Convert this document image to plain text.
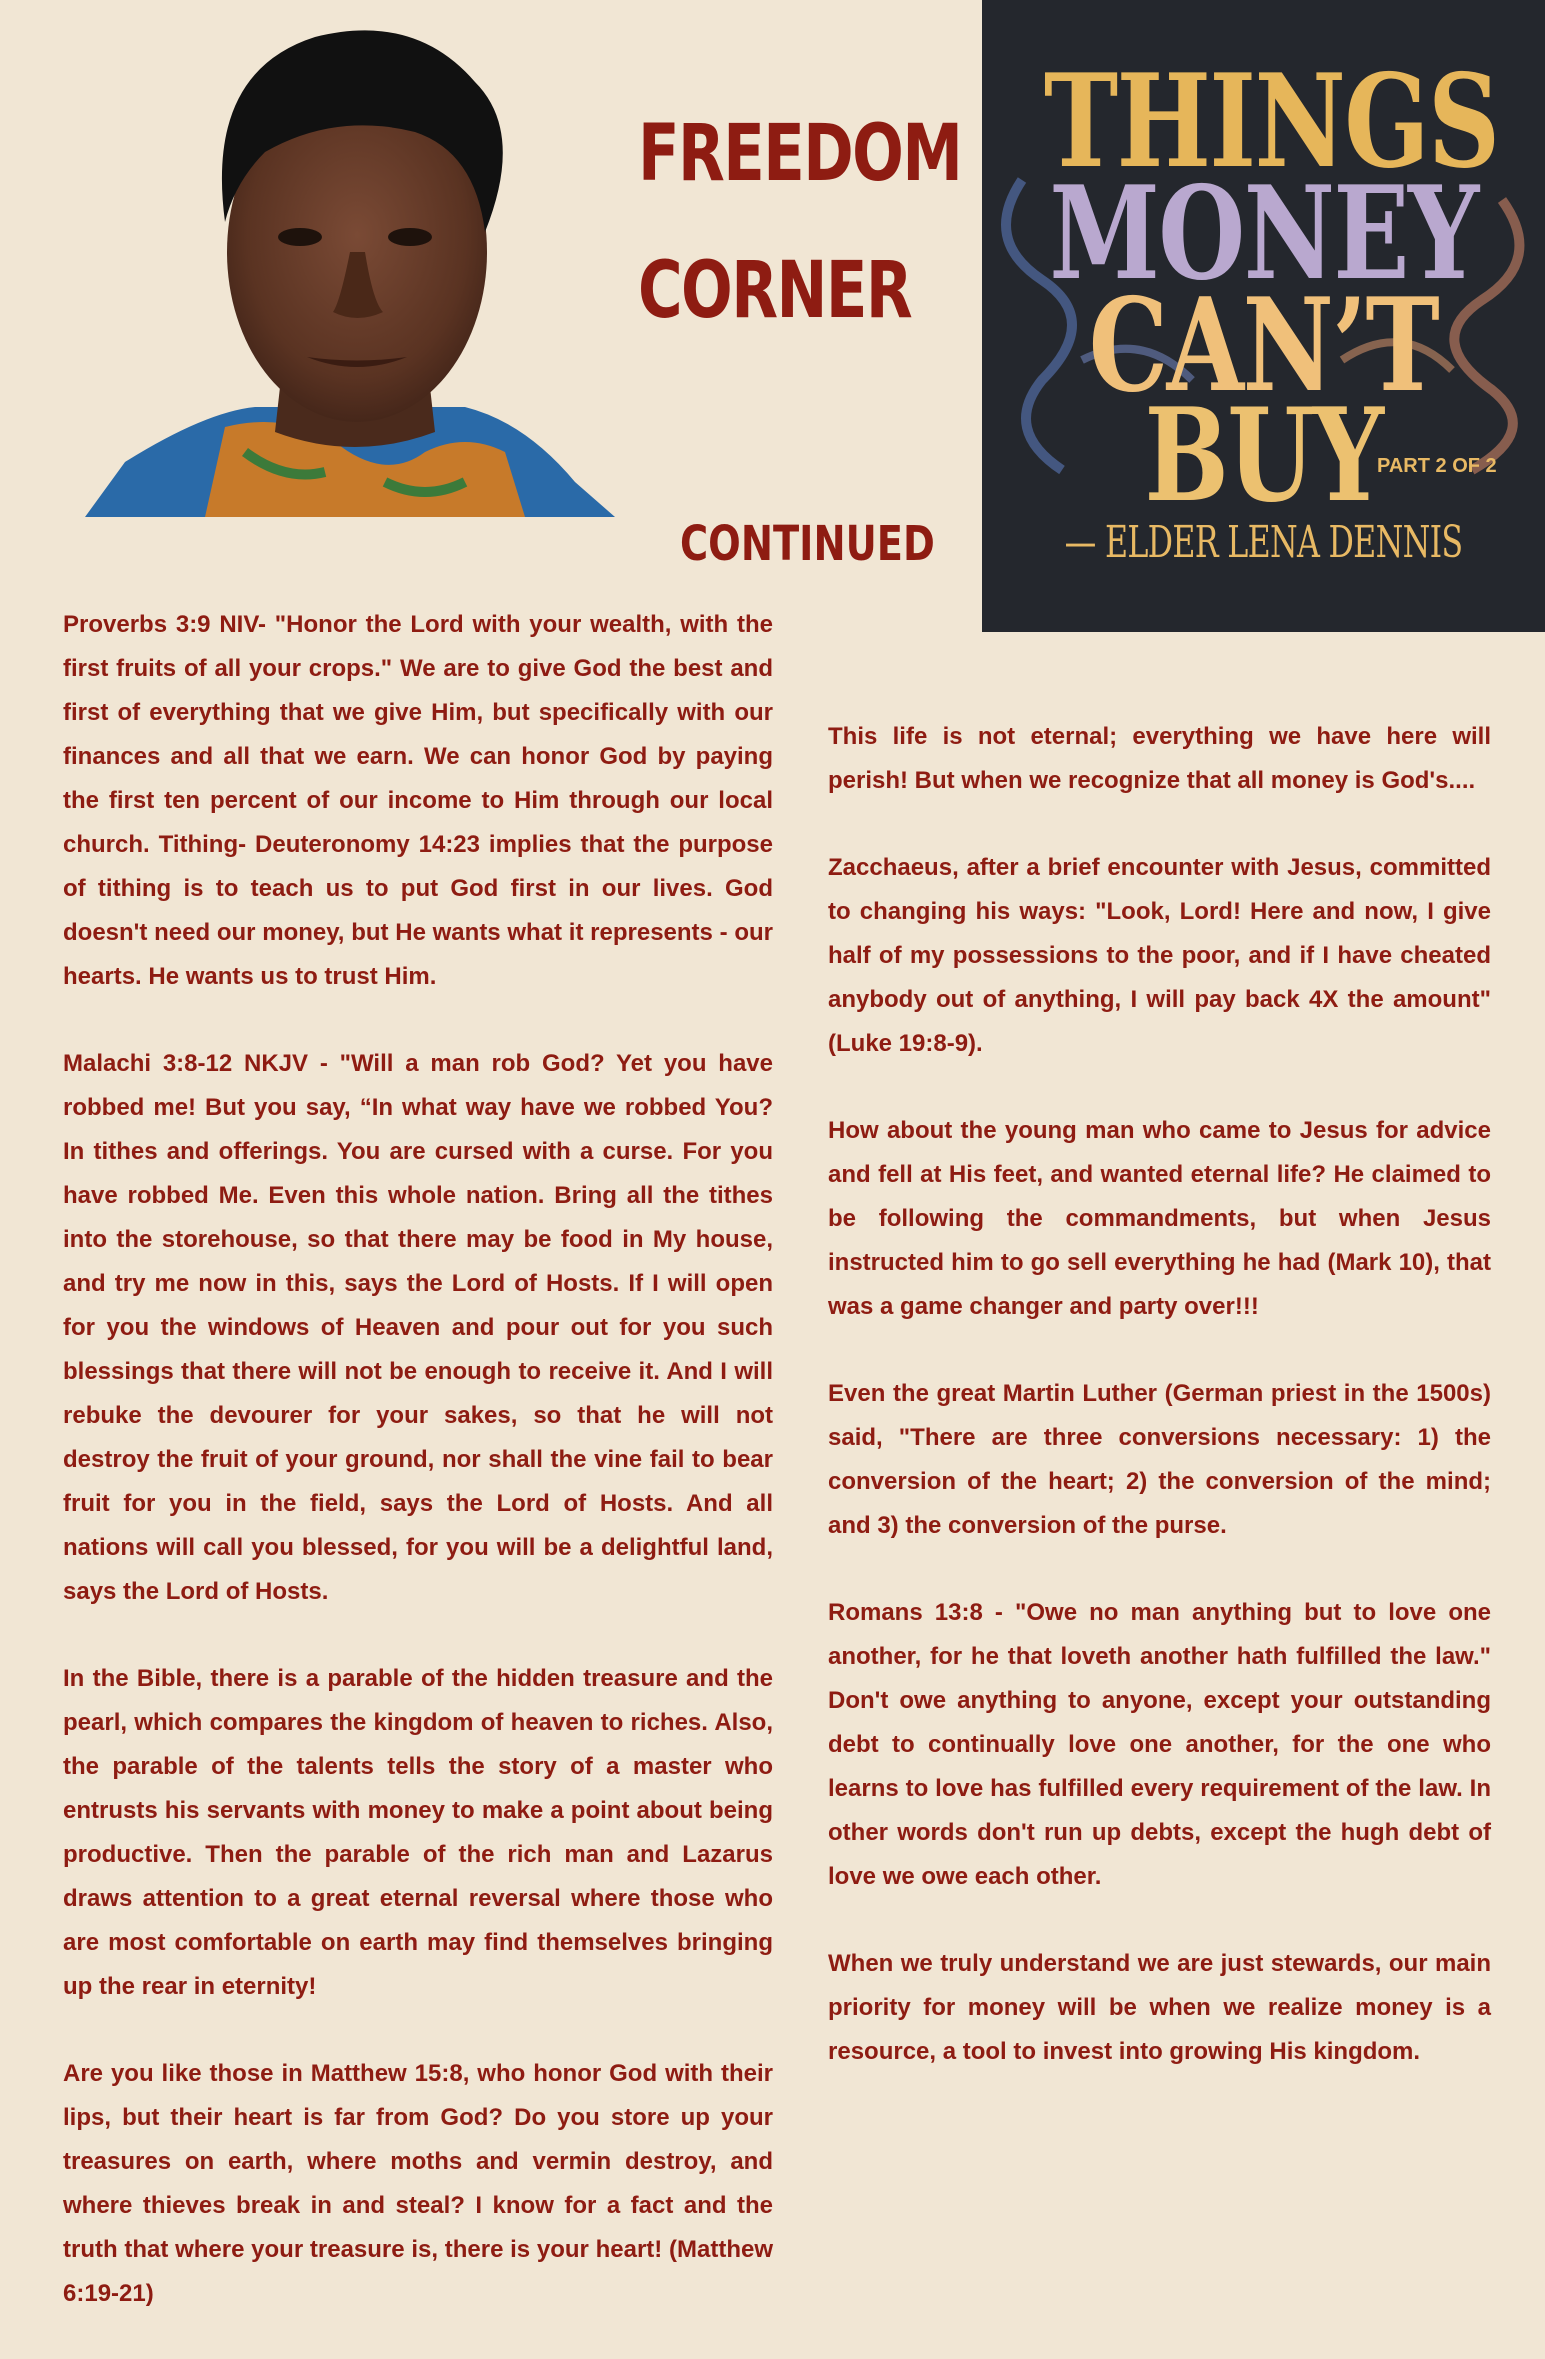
FREEDOM
CORNER
CONTINUED
THINGS
MONEY
CAN’T
BUY
PART 2 OF 2
— ELDER LENA DENNIS

Proverbs 3:9 NIV- "Honor the Lord with your wealth, with the first fruits of all your crops." We are to give God the best and first of everything that we give Him, but specifically with our finances and all that we earn. We can honor God by paying the first ten percent of our income to Him through our local church. Tithing- Deuteronomy 14:23 implies that the purpose of tithing is to teach us to put God first in our lives. God doesn't need our money, but He wants what it represents - our hearts. He wants us to trust Him.

Malachi 3:8-12 NKJV - "Will a man rob God? Yet you have robbed me! But you say, “In what way have we robbed You? In tithes and offerings. You are cursed with a curse. For you have robbed Me. Even this whole nation. Bring all the tithes into the storehouse, so that there may be food in My house, and try me now in this, says the Lord of Hosts. If I will open for you the windows of Heaven and pour out for you such blessings that there will not be enough to receive it. And I will rebuke the devourer for your sakes, so that he will not destroy the fruit of your ground, nor shall the vine fail to bear fruit for you in the field, says the Lord of Hosts. And all nations will call you blessed, for you will be a delightful land, says the Lord of Hosts.

In the Bible, there is a parable of the hidden treasure and the pearl, which compares the kingdom of heaven to riches. Also, the parable of the talents tells the story of a master who entrusts his servants with money to make a point about being productive. Then the parable of the rich man and Lazarus draws attention to a great eternal reversal where those who are most comfortable on earth may find themselves bringing up the rear in eternity!

Are you like those in Matthew 15:8, who honor God with their lips, but their heart is far from God? Do you store up your treasures on earth, where moths and vermin destroy, and where thieves break in and steal? I know for a fact and the truth that where your treasure is, there is your heart! (Matthew 6:19-21)

This life is not eternal; everything we have here will perish! But when we recognize that all money is God's....

Zacchaeus, after a brief encounter with Jesus, committed to changing his ways: "Look, Lord! Here and now, I give half of my possessions to the poor, and if I have cheated anybody out of anything, I will pay back 4X the amount" (Luke 19:8-9).

How about the young man who came to Jesus for advice and fell at His feet, and wanted eternal life? He claimed to be following the commandments, but when Jesus instructed him to go sell everything he had (Mark 10), that was a game changer and party over!!!

Even the great Martin Luther (German priest in the 1500s) said, "There are three conversions necessary: 1) the conversion of the heart; 2) the conversion of the mind; and 3) the conversion of the purse.

Romans 13:8 - "Owe no man anything but to love one another, for he that loveth another hath fulfilled the law." Don't owe anything to anyone, except your outstanding debt to continually love one another, for the one who learns to love has fulfilled every requirement of the law. In other words don't run up debts, except the hugh debt of love we owe each other.

When we truly understand we are just stewards, our main priority for money will be when we realize money is a resource, a tool to invest into growing His kingdom.
